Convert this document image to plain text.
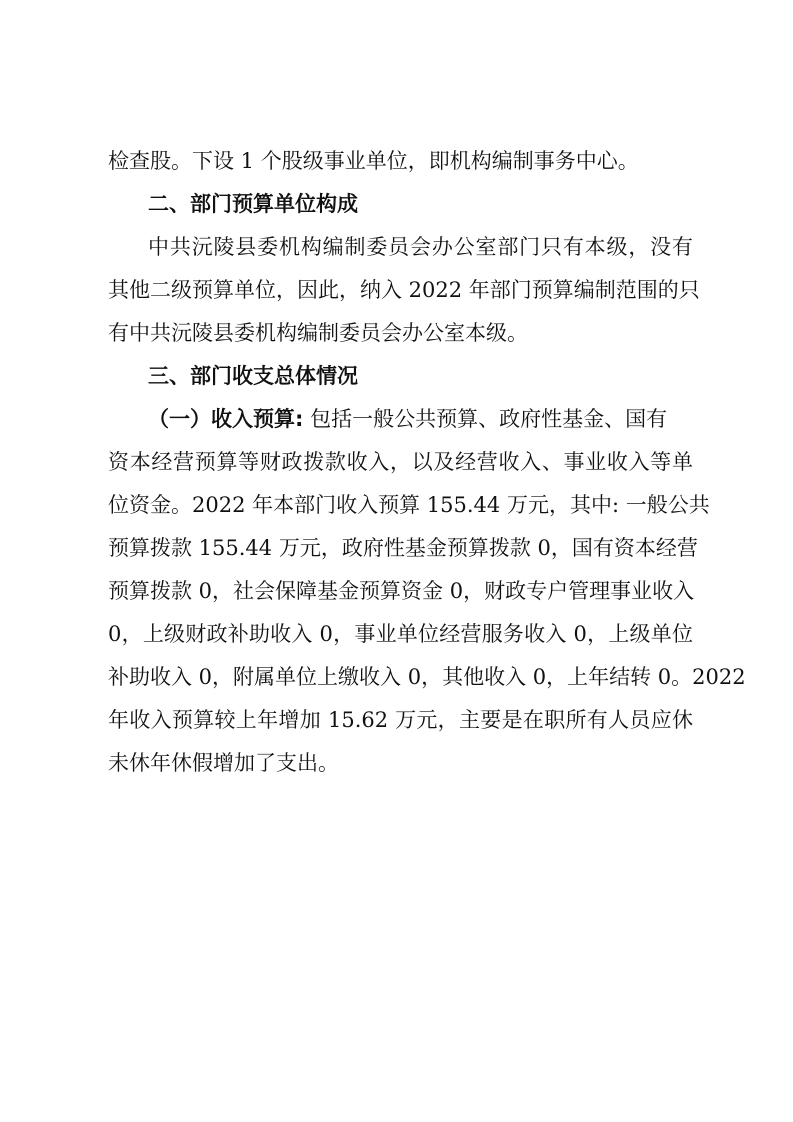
检查股。下设 1 个股级事业单位，即机构编制事务中心。
二、部门预算单位构成
中共沅陵县委机构编制委员会办公室部门只有本级，没有
其他二级预算单位，因此，纳入 2022 年部门预算编制范围的只
有中共沅陵县委机构编制委员会办公室本级。
三、部门收支总体情况
（一）收入预算: 包括一般公共预算、政府性基金、国有
资本经营预算等财政拨款收入，以及经营收入、事业收入等单
位资金。2022 年本部门收入预算 155.44 万元，其中: 一般公共
预算拨款 155.44 万元，政府性基金预算拨款 0，国有资本经营
预算拨款 0，社会保障基金预算资金 0，财政专户管理事业收入
0，上级财政补助收入 0，事业单位经营服务收入 0，上级单位
补助收入 0，附属单位上缴收入 0，其他收入 0，上年结转 0。2022
年收入预算较上年增加 15.62 万元，主要是在职所有人员应休
未休年休假增加了支出。
